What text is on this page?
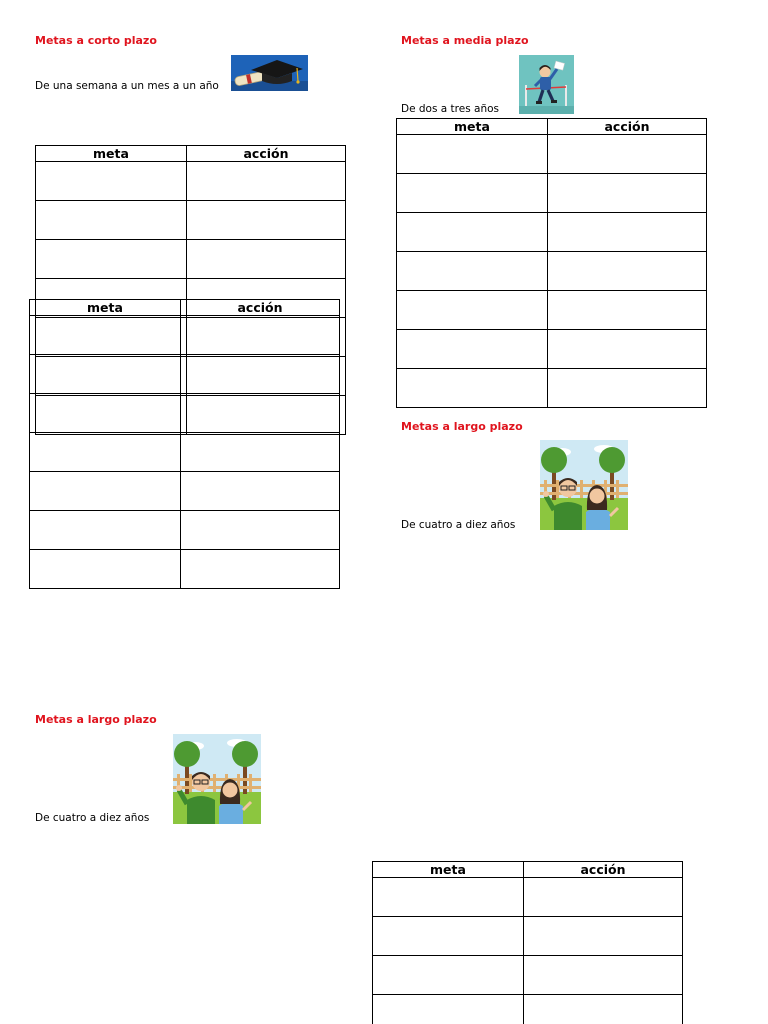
Metas a corto plazo
De una semana a un mes a un año
meta	acción

meta	acción

Metas a media plazo
De dos a tres años
meta	acción

Metas a largo plazo
De cuatro a diez años
Metas a largo plazo
De cuatro a diez años
meta	acción
